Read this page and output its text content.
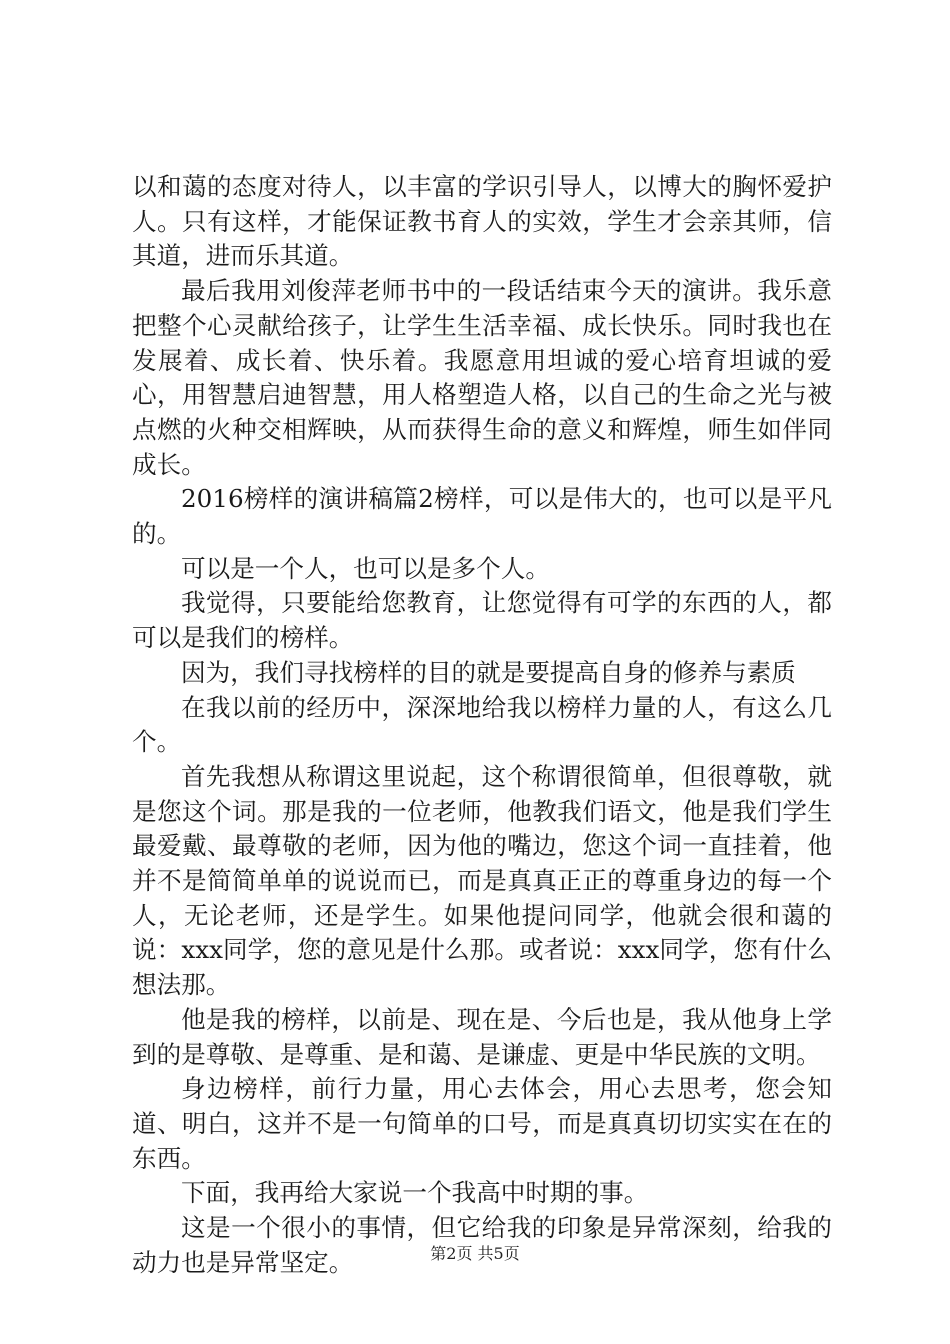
以和蔼的态度对待人，以丰富的学识引导人，以博大的胸怀爱护人。只有这样，才能保证教书育人的实效，学生才会亲其师，信其道，进而乐其道。

最后我用刘俊萍老师书中的一段话结束今天的演讲。我乐意把整个心灵献给孩子，让学生生活幸福、成长快乐。同时我也在发展着、成长着、快乐着。我愿意用坦诚的爱心培育坦诚的爱心，用智慧启迪智慧，用人格塑造人格，以自己的生命之光与被点燃的火种交相辉映，从而获得生命的意义和辉煌，师生如伴同成长。

2016榜样的演讲稿篇2榜样，可以是伟大的，也可以是平凡的。

可以是一个人，也可以是多个人。

我觉得，只要能给您教育，让您觉得有可学的东西的人，都可以是我们的榜样。

因为，我们寻找榜样的目的就是要提高自身的修养与素质

在我以前的经历中，深深地给我以榜样力量的人，有这么几个。

首先我想从称谓这里说起，这个称谓很简单，但很尊敬，就是您这个词。那是我的一位老师，他教我们语文，他是我们学生最爱戴、最尊敬的老师，因为他的嘴边，您这个词一直挂着，他并不是简简单单的说说而已，而是真真正正的尊重身边的每一个人，无论老师，还是学生。如果他提问同学，他就会很和蔼的说：xxx同学，您的意见是什么那。或者说：xxx同学，您有什么想法那。

他是我的榜样，以前是、现在是、今后也是，我从他身上学到的是尊敬、是尊重、是和蔼、是谦虚、更是中华民族的文明。

身边榜样，前行力量，用心去体会，用心去思考，您会知道、明白，这并不是一句简单的口号，而是真真切切实实在在的东西。

下面，我再给大家说一个我高中时期的事。

这是一个很小的事情，但它给我的印象是异常深刻，给我的动力也是异常坚定。	第2页 共5页
